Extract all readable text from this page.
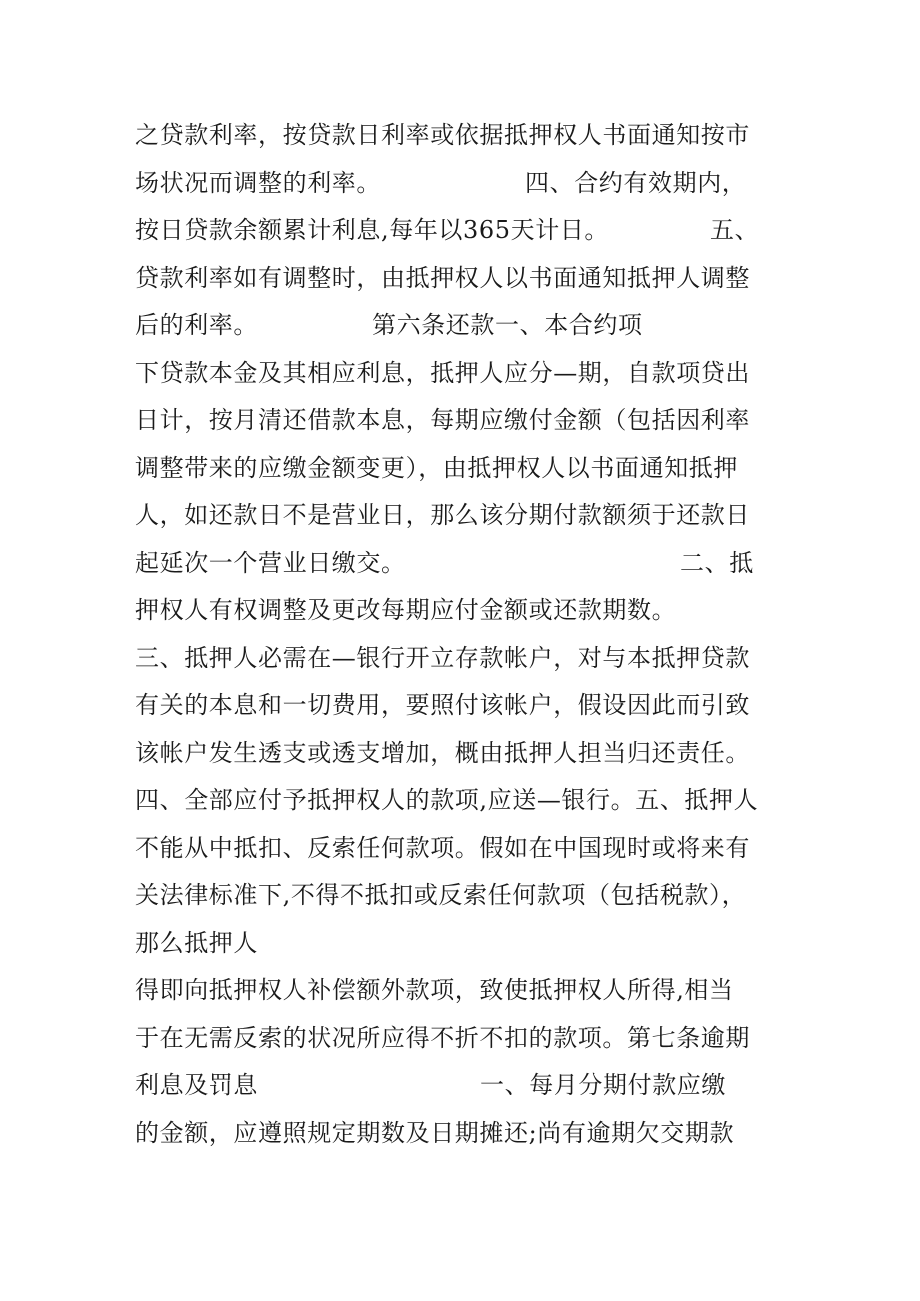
之贷款利率，按贷款日利率或依据抵押权人书面通知按市

场状况而调整的利率。

	四、合约有效期内，

按日贷款余额累计利息,每年以365天计日。

	五、

贷款利率如有调整时，由抵押权人以书面通知抵押人调整

后的利率。

	第六条还款一、本合约项

下贷款本金及其相应利息，抵押人应分—期，自款项贷出

日计，按月清还借款本息，每期应缴付金额（包括因利率

调整带来的应缴金额变更），由抵押权人以书面通知抵押

人，如还款日不是营业日，那么该分期付款额须于还款日

起延次一个营业日缴交。

	二、抵

押权人有权调整及更改每期应付金额或还款期数。

三、抵押人必需在—银行开立存款帐户，对与本抵押贷款

有关的本息和一切费用，要照付该帐户，假设因此而引致

该帐户发生透支或透支增加，概由抵押人担当归还责任。

四、全部应付予抵押权人的款项,应送—银行。五、抵押人

不能从中抵扣、反索任何款项。假如在中国现时或将来有

关法律标准下,不得不抵扣或反索任何款项（包括税款），

那么抵押人

得即向抵押权人补偿额外款项，致使抵押权人所得,相当

于在无需反索的状况所应得不折不扣的款项。第七条逾期

利息及罚息

	一、每月分期付款应缴

的金额，应遵照规定期数及日期摊还;尚有逾期欠交期款
